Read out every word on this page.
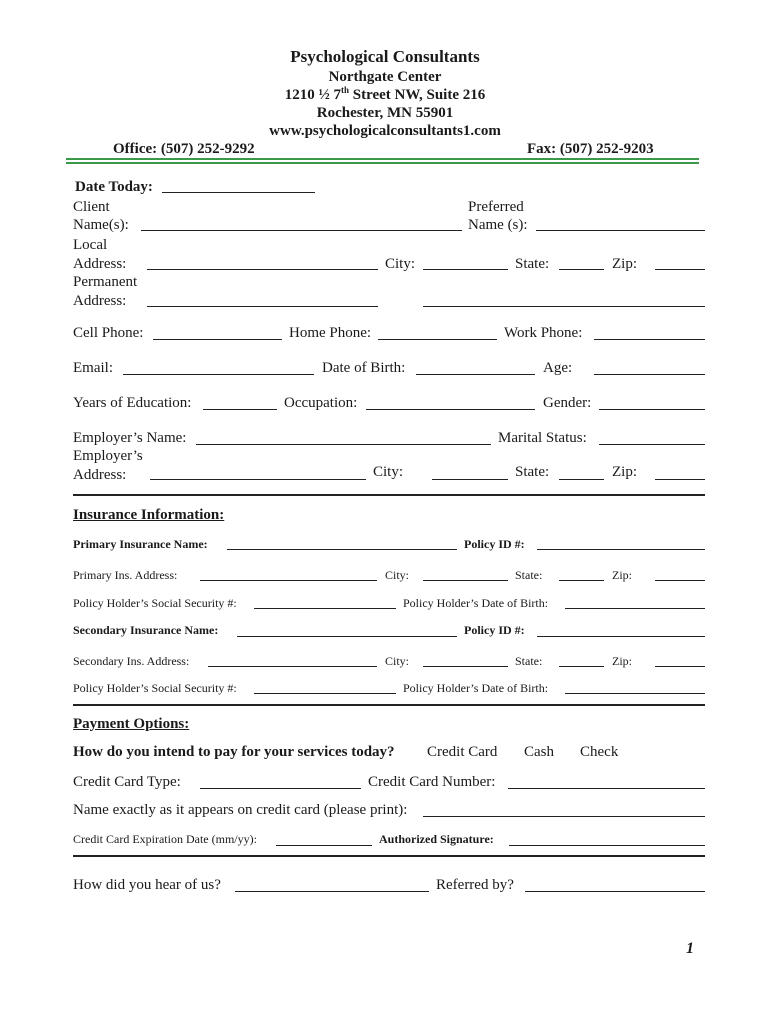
Psychological Consultants
Northgate Center
1210 ½ 7th Street NW, Suite 216
Rochester, MN 55901
www.psychologicalconsultants1.com
Office: (507) 252-9292	Fax: (507) 252-9203
Date Today:
Client
Name(s):
Preferred
Name (s):
Local
Address:	City:	State:	Zip:
Permanent
Address:
Cell Phone:	Home Phone:	Work Phone:
Email:	Date of Birth:	Age:
Years of Education:	Occupation:	Gender:
Employer’s Name:	Marital Status:
Employer’s
Address:	City:	State:	Zip:
Insurance Information:
Primary Insurance Name:	Policy ID #:
Primary Ins. Address:	City:	State:	Zip:
Policy Holder’s Social Security #:	Policy Holder’s Date of Birth:
Secondary Insurance Name:	Policy ID #:
Secondary Ins. Address:	City:	State:	Zip:
Policy Holder’s Social Security #:	Policy Holder’s Date of Birth:
Payment Options:
How do you intend to pay for your services today? Credit Card Cash Check
Credit Card Type:	Credit Card Number:
Name exactly as it appears on credit card (please print):
Credit Card Expiration Date (mm/yy):	Authorized Signature:
How did you hear of us?	Referred by?
1
